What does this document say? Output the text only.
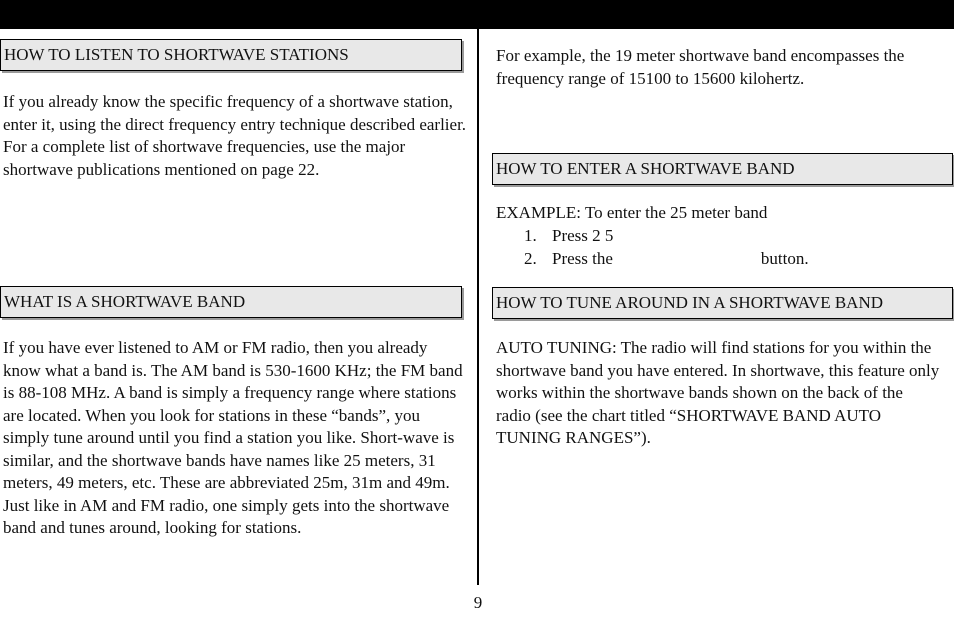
HOW TO LISTEN TO SHORTWAVE STATIONS

If you already know the specific frequency of a shortwave station, enter it, using the direct frequency entry technique described earlier. For a complete list of shortwave frequencies, use the major shortwave publications mentioned on page 22.

WHAT IS A SHORTWAVE BAND

If you have ever listened to AM or FM radio, then you already know what a band is. The AM band is 530-1600 KHz; the FM band is 88-108 MHz. A band is simply a frequency range where stations are located. When you look for stations in these “bands”, you simply tune around until you find a station you like. Short-wave is similar, and the shortwave bands have names like 25 meters, 31 meters, 49 meters, etc. These are abbreviated 25m, 31m and 49m. Just like in AM and FM radio, one simply gets into the shortwave band and tunes around, looking for stations.

For example, the 19 meter shortwave band encompasses the frequency range of 15100 to 15600 kilohertz.

HOW TO ENTER A SHORTWAVE BAND

EXAMPLE: To enter the 25 meter band

1. Press 2 5
2. Press the	button.
HOW TO TUNE AROUND IN A SHORTWAVE BAND

AUTO TUNING: The radio will find stations for you within the shortwave band you have entered. In shortwave, this feature only works within the shortwave bands shown on the back of the radio (see the chart titled “SHORTWAVE BAND AUTO TUNING RANGES”).

9
